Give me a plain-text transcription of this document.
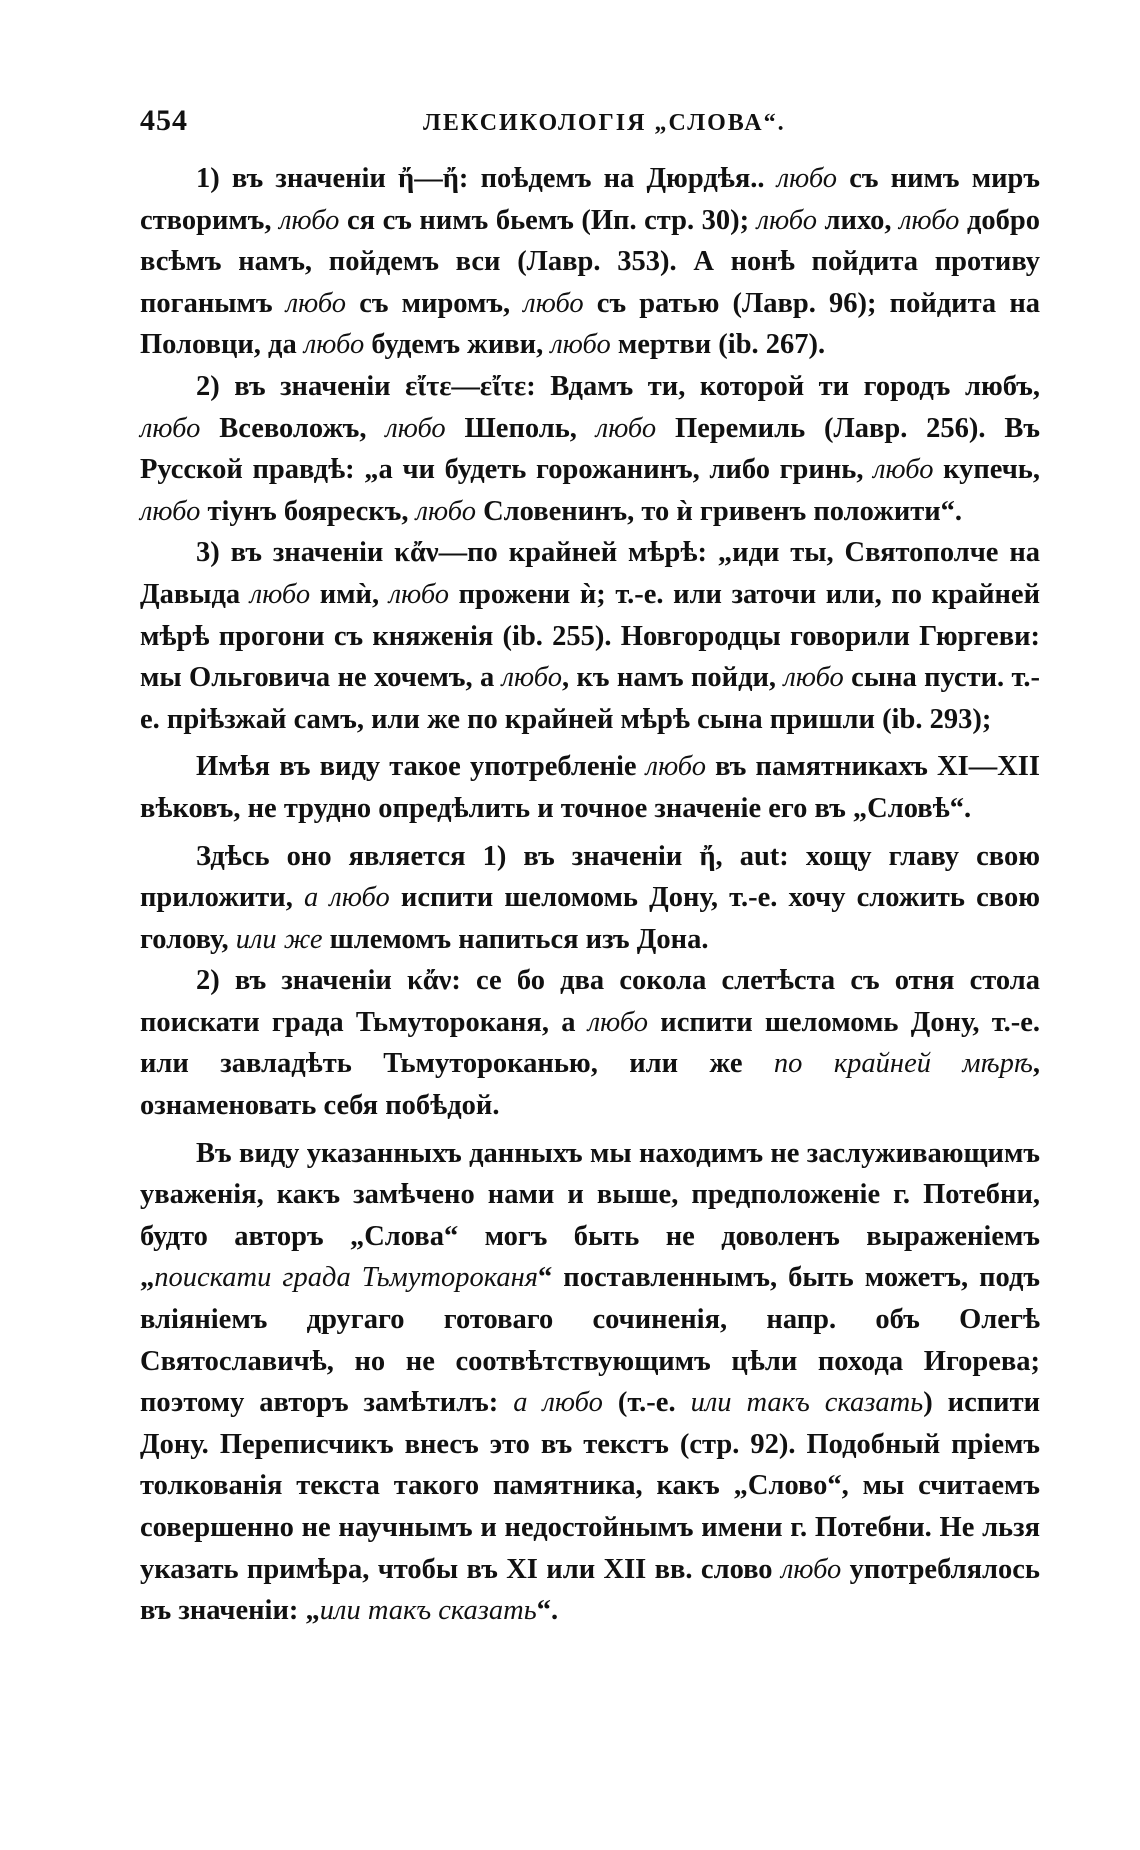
454	ЛЕКСИКОЛОГІЯ „СЛОВА“.

1) въ значеніи ἤ—ἤ: поѣдемъ на Дюрдѣя.. любо съ нимъ миръ створимъ, любо ся съ нимъ бьемъ (Ип. стр. 30); любо лихо, любо добро всѣмъ намъ, пойдемъ вси (Лавр. 353). А нонѣ пойдита противу поганымъ любо съ миромъ, любо съ ратью (Лавр. 96); пойдита на Половци, да любо будемъ живи, любо мертви (ib. 267).

2) въ значеніи εἴτε—εἴτε: Вдамъ ти, которой ти городъ любъ, любо Всеволожъ, любо Шеполь, любо Перемиль (Лавр. 256). Въ Русской правдѣ: „а чи будеть горожанинъ, либо гринь, любо купечь, любо тіунъ боярескъ, любо Словенинъ, то ѝ гривенъ положити“.

3) въ значеніи κἄν—по крайней мѣрѣ: „иди ты, Святополче на Давыда любо имѝ, любо прожени ѝ; т.-е. или заточи или, по крайней мѣрѣ прогони съ княженія (ib. 255). Новгородцы говорили Гюргеви: мы Ольговича не хочемъ, а любо, къ намъ пойди, любо сына пусти. т.-е. пріѣзжай самъ, или же по крайней мѣрѣ сына пришли (ib. 293);

Имѣя въ виду такое употребленіе любо въ памятникахъ XI—XII вѣковъ, не трудно опредѣлить и точное значеніе его въ „Словѣ“.

Здѣсь оно является 1) въ значеніи ἤ, aut: хощу главу свою приложити, а любо испити шеломомь Дону, т.-е. хочу сложить свою голову, или же шлемомъ напиться изъ Дона.

2) въ значеніи κἄν: се бо два сокола слетѣста съ отня стола поискати града Тьмутороканя, а любо испити шеломомь Дону, т.-е. или завладѣть Тьмутороканью, или же по крайней мѣрѣ, ознаменовать себя побѣдой.

Въ виду указанныхъ данныхъ мы находимъ не заслуживающимъ уваженія, какъ замѣчено нами и выше, предположеніе г. Потебни, будто авторъ „Слова“ могъ быть не доволенъ выраженіемъ „поискати града Тьмутороканя“ поставленнымъ, быть можетъ, подъ вліяніемъ другаго готоваго сочиненія, напр. объ Олегѣ Святославичѣ, но не соотвѣтствующимъ цѣли похода Игорева; поэтому авторъ замѣтилъ: а любо (т.-е. или такъ сказать) испити Дону. Переписчикъ внесъ это въ текстъ (стр. 92). Подобный пріемъ толкованія текста такого памятника, какъ „Слово“, мы считаемъ совершенно не научнымъ и недостойнымъ имени г. Потебни. Не льзя указать примѣра, чтобы въ XI или XII вв. слово любо употреблялось въ значеніи: „или такъ сказать“.
